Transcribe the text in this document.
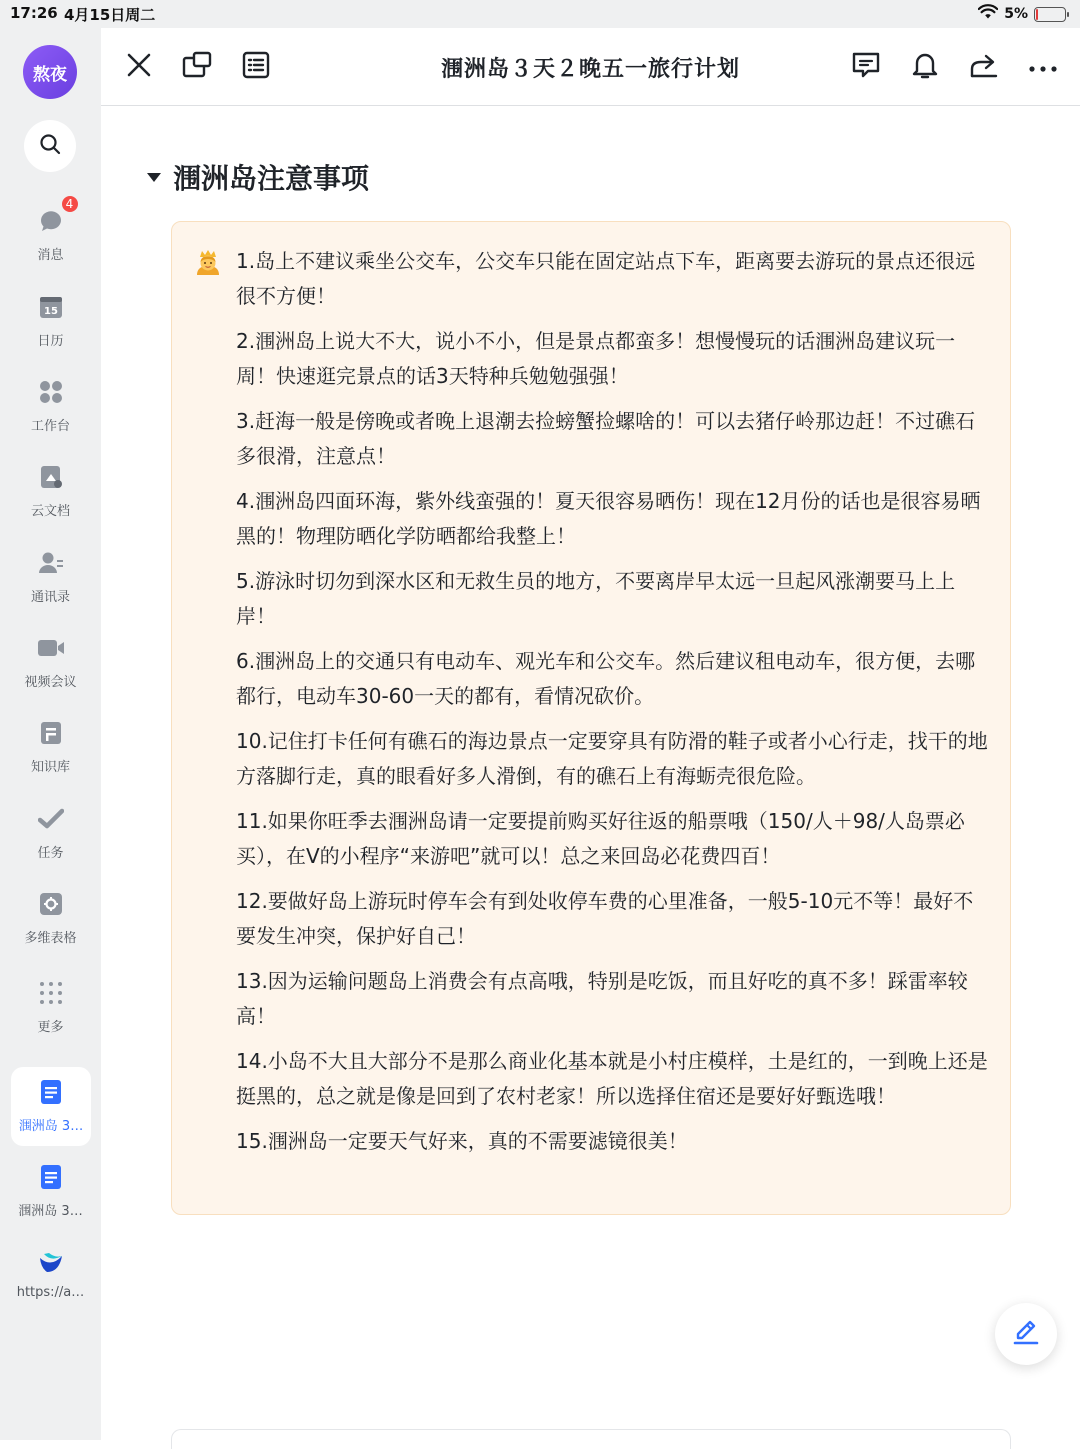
17:26 4月15日周二	5%
熬夜
4
消息
15
日历
工作台
云文档
通讯录
视频会议
知识库
任务
多维表格
更多
涠洲岛 3…
涠洲岛 3…
https://a…
涠洲岛３天２晚五一旅行计划
涠洲岛注意事项

1.岛上不建议乘坐公交车，公交车只能在固定站点下车，距离要去游玩的景点还很远很不方便！

2.涠洲岛上说大不大，说小不小，但是景点都蛮多！想慢慢玩的话涠洲岛建议玩一周！快速逛完景点的话3天特种兵勉勉强强！

3.赶海一般是傍晚或者晚上退潮去捡螃蟹捡螺啥的！可以去猪仔岭那边赶！不过礁石多很滑，注意点！

4.涠洲岛四面环海，紫外线蛮强的！夏天很容易晒伤！现在12月份的话也是很容易晒黑的！物理防晒化学防晒都给我整上！

5.游泳时切勿到深水区和无救生员的地方，不要离岸早太远一旦起风涨潮要马上上岸！

6.涠洲岛上的交通只有电动车、观光车和公交车。然后建议租电动车，很方便，去哪都行，电动车30-60一天的都有，看情况砍价。

10.记住打卡任何有礁石的海边景点一定要穿具有防滑的鞋子或者小心行走，找干的地方落脚行走，真的眼看好多人滑倒，有的礁石上有海蛎壳很危险。

11.如果你旺季去涠洲岛请一定要提前购买好往返的船票哦（150/人＋98/人岛票必买），在V的小程序“来游吧”就可以！总之来回岛必花费四百！

12.要做好岛上游玩时停车会有到处收停车费的心里准备，一般5-10元不等！最好不要发生冲突，保护好自己！

13.因为运输问题岛上消费会有点高哦，特别是吃饭，而且好吃的真不多！踩雷率较高！

14.小岛不大且大部分不是那么商业化基本就是小村庄模样，土是红的，一到晚上还是挺黑的，总之就是像是回到了农村老家！所以选择住宿还是要好好甄选哦！

15.涠洲岛一定要天气好来，真的不需要滤镜很美！
